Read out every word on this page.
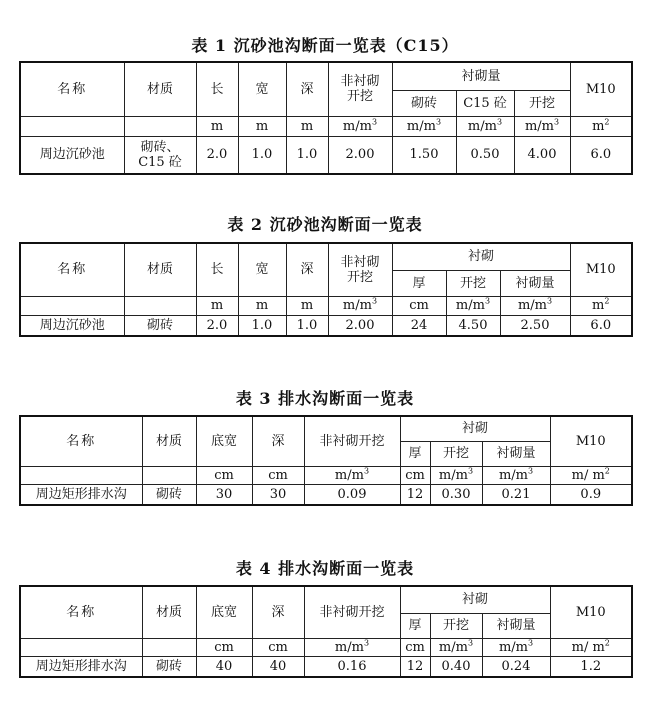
表 1 沉砂池沟断面一览表（C15）
名称	材质	长	宽	深	非衬砌开挖	衬砌量			M10
						砌砖	C15 砼	开挖	
		m	m	m	$m/m^3$	$m/m^3$	$m/m^3$	$m/m^3$	$m^2$
周边沉砂池	砌砖、C15 砼	2.0	1.0	1.0	2.00	1.50	0.50	4.00	6.0
表 2 沉砂池沟断面一览表
名称	材质	长	宽	深	非衬砌开挖	衬砌			M10
						厚	开挖	衬砌量	
		m	m	m	$m/m^3$	cm	$m/m^3$	$m/m^3$	$m^2$
周边沉砂池	砌砖	2.0	1.0	1.0	2.00	24	4.50	2.50	6.0
表 3 排水沟断面一览表
名称	材质	底宽	深	非衬砌开挖	衬砌			M10
					厚	开挖	衬砌量	
		cm	cm	$m/m^3$	cm	$m/m^3$	$m/m^3$	m/ $m^2$
周边矩形排水沟	砌砖	30	30	0.09	12	0.30	0.21	0.9
表 4 排水沟断面一览表
名称	材质	底宽	深	非衬砌开挖	衬砌			M10
					厚	开挖	衬砌量	
		cm	cm	$m/m^3$	cm	$m/m^3$	$m/m^3$	m/ $m^2$
周边矩形排水沟	砌砖	40	40	0.16	12	0.40	0.24	1.2
